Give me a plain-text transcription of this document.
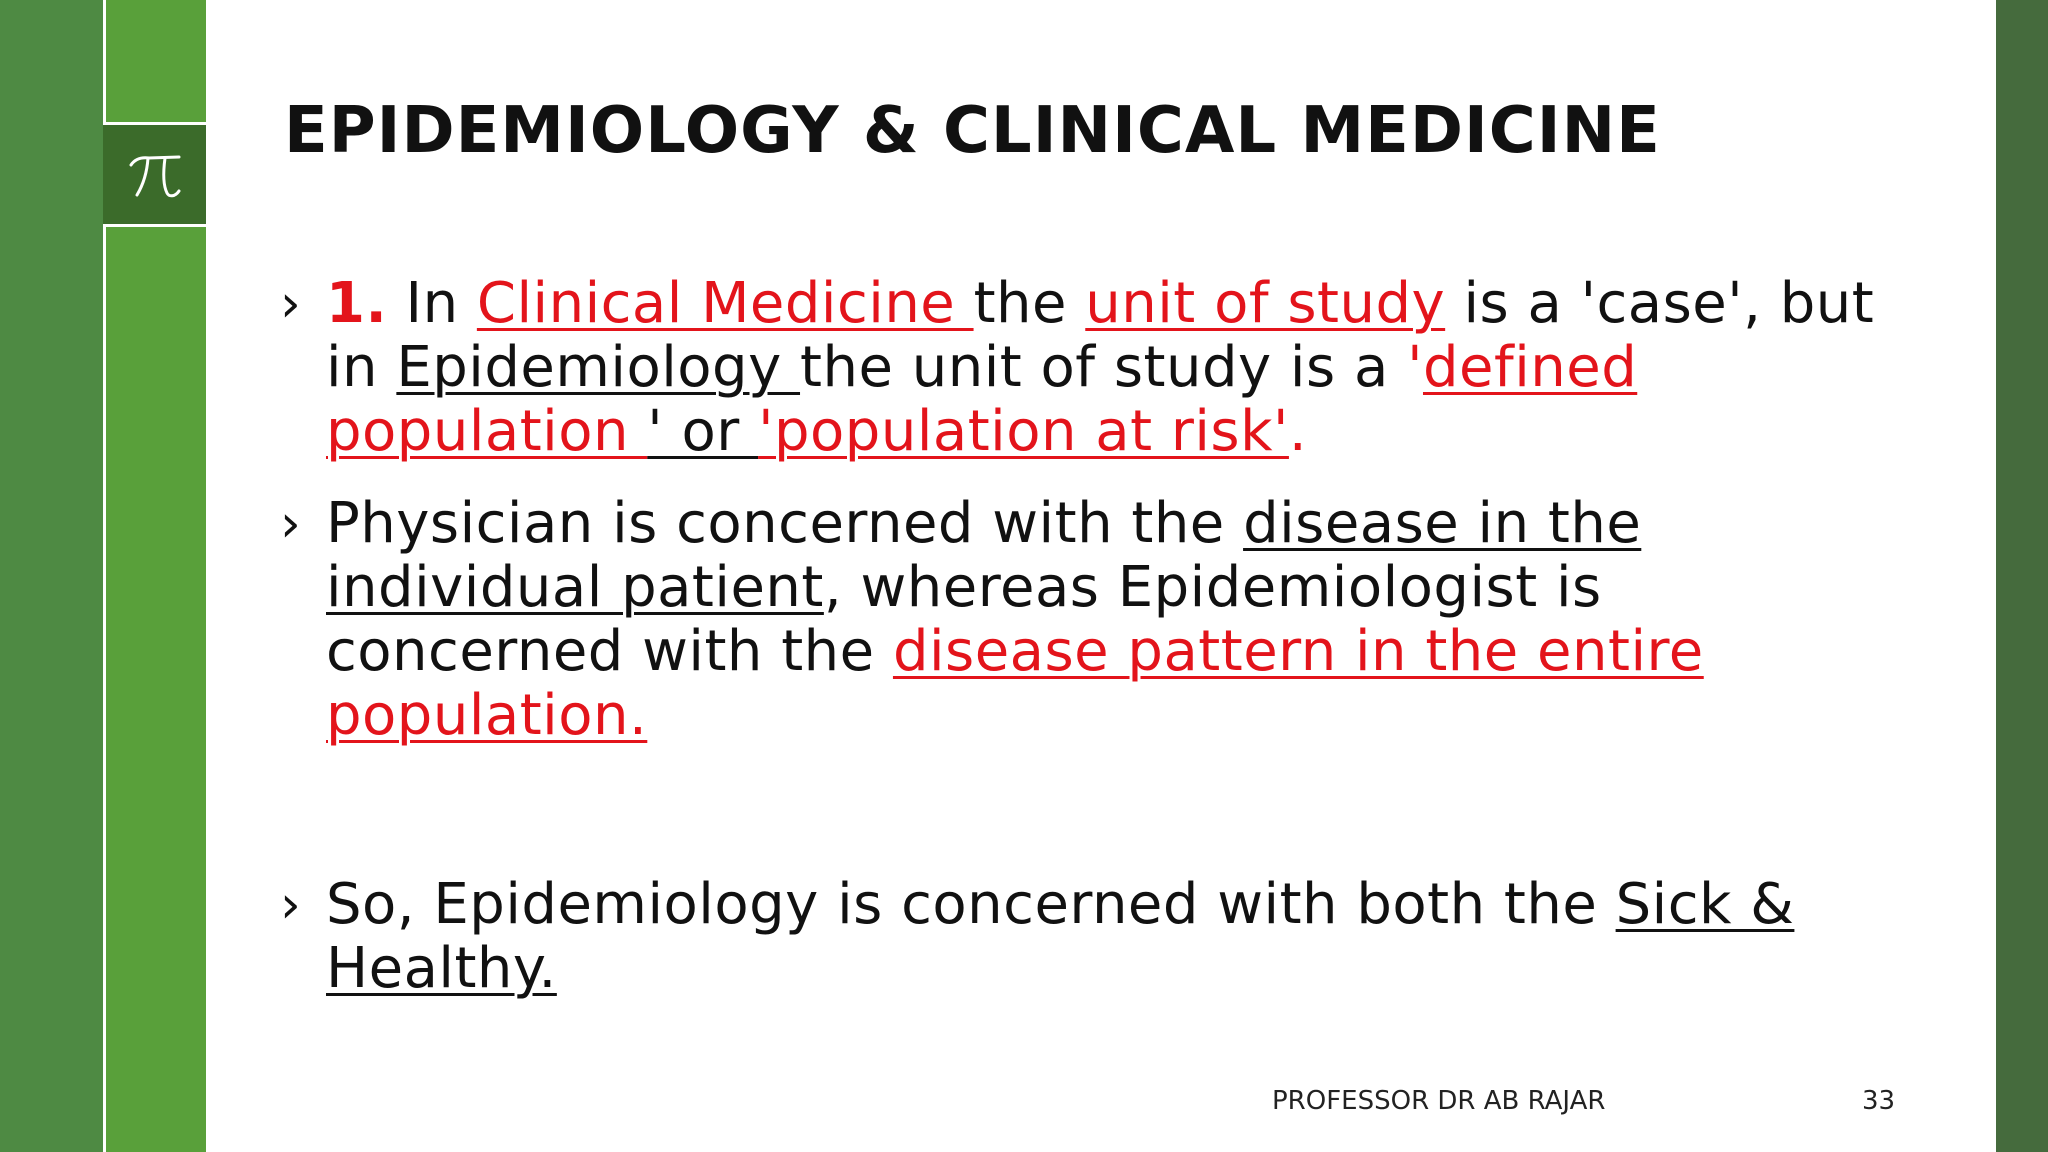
EPIDEMIOLOGY & CLINICAL MEDICINE
› 1. In Clinical Medicine the unit of study is a 'case', but in Epidemiology the unit of study is a 'defined population ' or 'population at risk'.
› Physician is concerned with the disease in the individual patient, whereas Epidemiologist is concerned with the disease pattern in the entire population.
› So, Epidemiology is concerned with both the Sick & Healthy.
PROFESSOR DR AB RAJAR	33
